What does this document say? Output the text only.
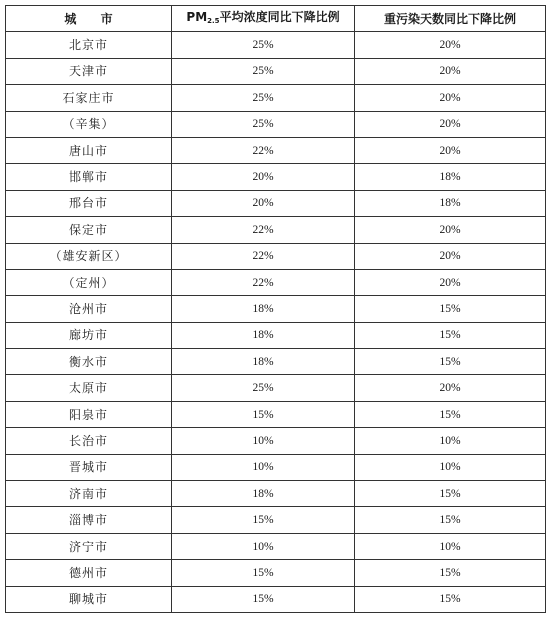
城 市	$PM_{2.5}$平均浓度同比下降比例	重污染天数同比下降比例
北京市	25%	20%
天津市	25%	20%
石家庄市	25%	20%
（辛集）	25%	20%
唐山市	22%	20%
邯郸市	20%	18%
邢台市	20%	18%
保定市	22%	20%
（雄安新区）	22%	20%
（定州）	22%	20%
沧州市	18%	15%
廊坊市	18%	15%
衡水市	18%	15%
太原市	25%	20%
阳泉市	15%	15%
长治市	10%	10%
晋城市	10%	10%
济南市	18%	15%
淄博市	15%	15%
济宁市	10%	10%
德州市	15%	15%
聊城市	15%	15%
